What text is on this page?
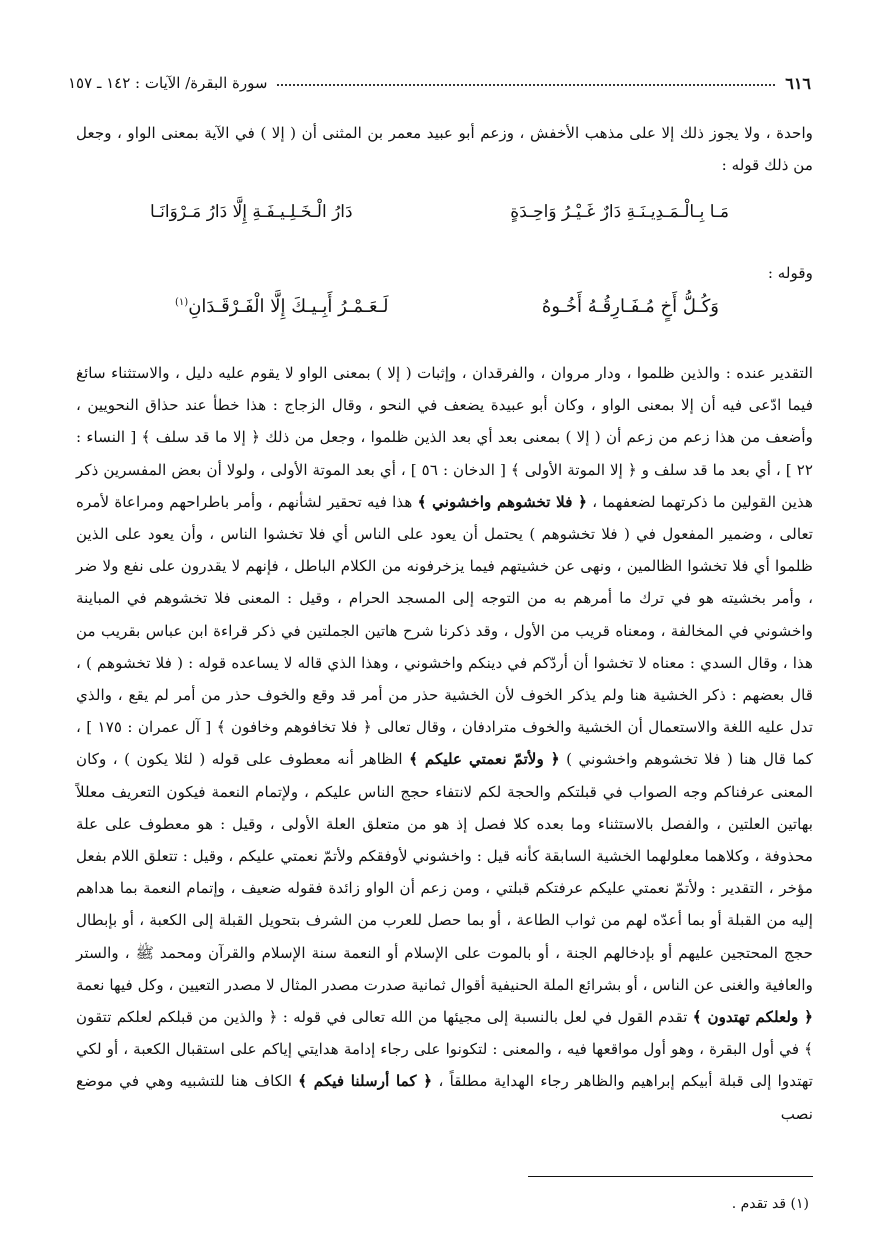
٦١٦
سورة البقرة/ الآيات : ١٤٢ ـ ١٥٧

واحدة ، ولا يجوز ذلك إلا على مذهب الأخفش ، وزعم أبو عبيد معمر بن المثنى أن ( إلا ) في الآية بمعنى الواو ، وجعل من ذلك قوله :

مَـا بِـالْـمَـدِيـنَـةِ دَارٌ غَـيْـرُ وَاحِـدَةٍ
دَارُ الْـخَـلِـيـفَـةِ إِلَّا دَارُ مَـرْوَانَـا
وقوله :
وَكُـلُّ أَخٍ مُـفَـارِقُـهُ أَخُـوهُ
لَـعَـمْـرُ أَبِـيـكَ إِلَّا الْفَـرْقَـدَانِ$^{(١)}$

التقدير عنده : والذين ظلموا ، ودار مروان ، والفرقدان ، وإثبات ( إلا ) بمعنى الواو لا يقوم عليه دليل ، والاستثناء سائغ فيما ادّعى فيه أن إلا بمعنى الواو ، وكان أبو عبيدة يضعف في النحو ، وقال الزجاج : هذا خطأ عند حذاق النحويين ، وأضعف من هذا زعم من زعم أن ( إلا ) بمعنى بعد أي بعد الذين ظلموا ، وجعل من ذلك ﴿ إلا ما قد سلف ﴾ [ النساء : ٢٢ ] ، أي بعد ما قد سلف و ﴿ إلا الموتة الأولى ﴾ [ الدخان : ٥٦ ] ، أي بعد الموتة الأولى ، ولولا أن بعض المفسرين ذكر هذين القولين ما ذكرتهما لضعفهما ، ﴿ فلا تخشوهم واخشوني ﴾ هذا فيه تحقير لشأنهم ، وأمر باطراحهم ومراعاة لأمره تعالى ، وضمير المفعول في ( فلا تخشوهم ) يحتمل أن يعود على الناس أي فلا تخشوا الناس ، وأن يعود على الذين ظلموا أي فلا تخشوا الظالمين ، ونهى عن خشيتهم فيما يزخرفونه من الكلام الباطل ، فإنهم لا يقدرون على نفع ولا ضر ، وأمر بخشيته هو في ترك ما أمرهم به من التوجه إلى المسجد الحرام ، وقيل : المعنى فلا تخشوهم في المباينة واخشوني في المخالفة ، ومعناه قريب من الأول ، وقد ذكرنا شرح هاتين الجملتين في ذكر قراءة ابن عباس بقريب من هذا ، وقال السدي : معناه لا تخشوا أن أردّكم في دينكم واخشوني ، وهذا الذي قاله لا يساعده قوله : ( فلا تخشوهم ) ، قال بعضهم : ذكر الخشية هنا ولم يذكر الخوف لأن الخشية حذر من أمر قد وقع والخوف حذر من أمر لم يقع ، والذي تدل عليه اللغة والاستعمال أن الخشية والخوف مترادفان ، وقال تعالى ﴿ فلا تخافوهم وخافون ﴾ [ آل عمران : ١٧٥ ] ، كما قال هنا ( فلا تخشوهم واخشوني ) ﴿ ولأتمّ نعمتي عليكم ﴾ الظاهر أنه معطوف على قوله ( لئلا يكون ) ، وكان المعنى عرفناكم وجه الصواب في قبلتكم والحجة لكم لانتفاء حجج الناس عليكم ، ولإتمام النعمة فيكون التعريف معللاً بهاتين العلتين ، والفصل بالاستثناء وما بعده كلا فصل إذ هو من متعلق العلة الأولى ، وقيل : هو معطوف على علة محذوفة ، وكلاهما معلولهما الخشية السابقة كأنه قيل : واخشوني لأوفقكم ولأتمّ نعمتي عليكم ، وقيل : تتعلق اللام بفعل مؤخر ، التقدير : ولأتمّ نعمتي عليكم عرفتكم قبلتي ، ومن زعم أن الواو زائدة فقوله ضعيف ، وإتمام النعمة بما هداهم إليه من القبلة أو بما أعدّه لهم من ثواب الطاعة ، أو بما حصل للعرب من الشرف بتحويل القبلة إلى الكعبة ، أو بإبطال حجج المحتجين عليهم أو بإدخالهم الجنة ، أو بالموت على الإسلام أو النعمة سنة الإسلام والقرآن ومحمد ﷺ ، والستر والعافية والغنى عن الناس ، أو بشرائع الملة الحنيفية أقوال ثمانية صدرت مصدر المثال لا مصدر التعيين ، وكل فيها نعمة ﴿ ولعلكم تهتدون ﴾ تقدم القول في لعل بالنسبة إلى مجيئها من الله تعالى في قوله : ﴿ والذين من قبلكم لعلكم تتقون ﴾ في أول البقرة ، وهو أول مواقعها فيه ، والمعنى : لتكونوا على رجاء إدامة هدايتي إياكم على استقبال الكعبة ، أو لكي تهتدوا إلى قبلة أبيكم إبراهيم والظاهر رجاء الهداية مطلقاً ، ﴿ كما أرسلنا فيكم ﴾ الكاف هنا للتشبيه وهي في موضع نصب

(١) قد تقدم .
